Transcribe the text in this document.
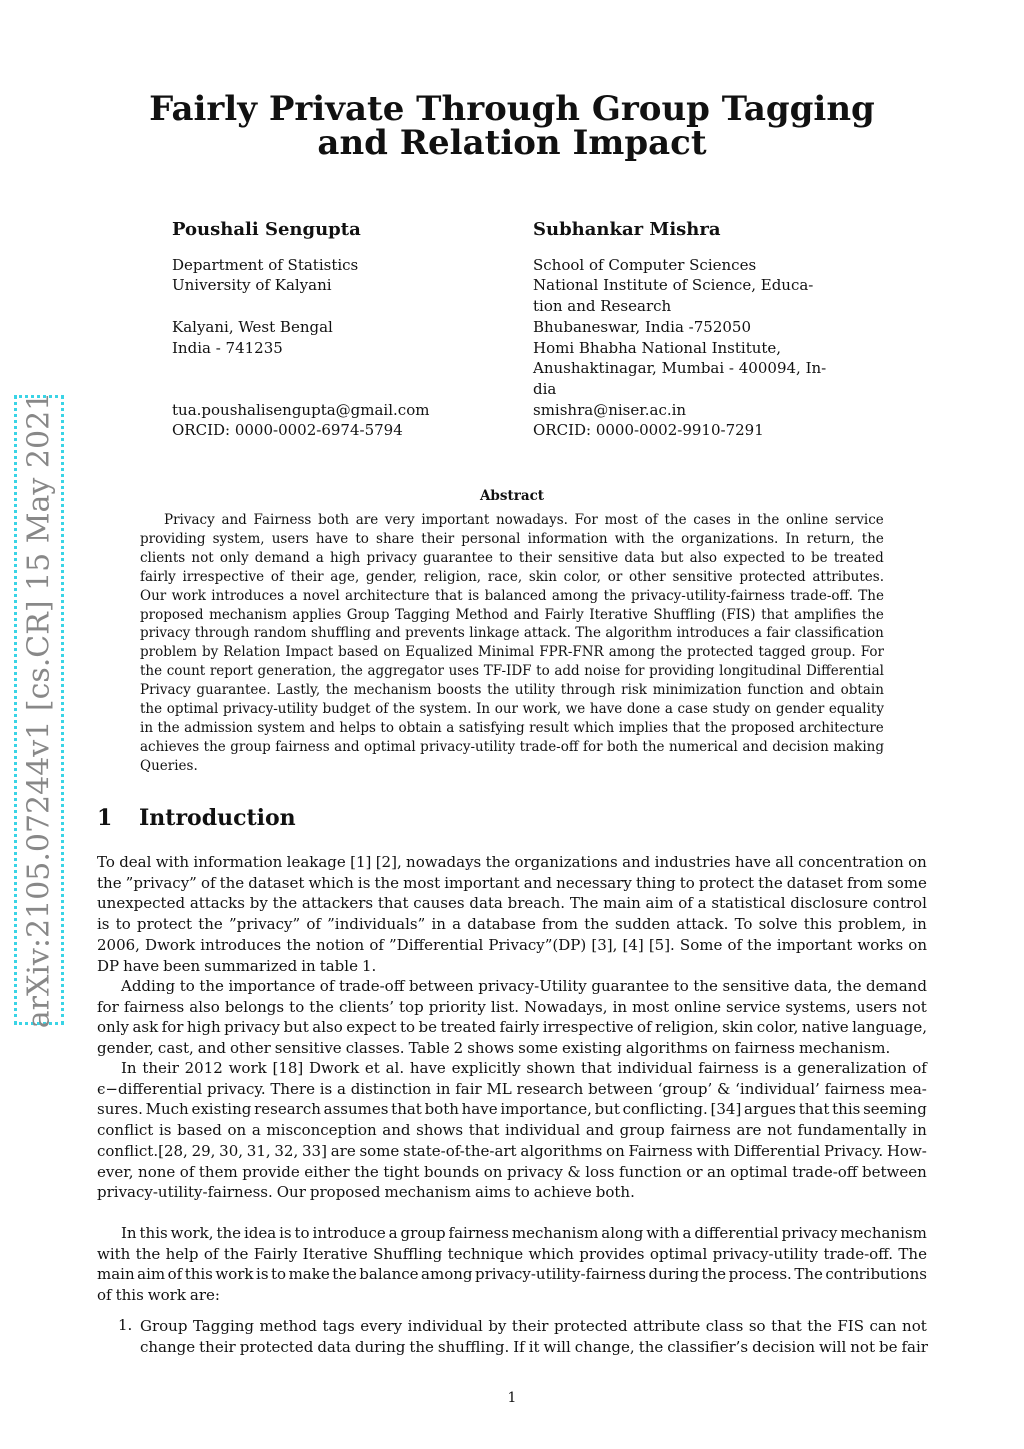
Fairly Private Through Group Tagging
and Relation Impact
Poushali Sengupta
Department of Statistics
University of Kalyani
Kalyani, West Bengal
India - 741235
tua.poushalisengupta@gmail.com
ORCID: 0000-0002-6974-5794
Subhankar Mishra
School of Computer Sciences
National Institute of Science, Educa-
tion and Research
Bhubaneswar, India -752050
Homi Bhabha National Institute,
Anushaktinagar, Mumbai - 400094, In-
dia
smishra@niser.ac.in
ORCID: 0000-0002-9910-7291
arXiv:2105.07244v1 [cs.CR] 15 May 2021	Abstract
Privacy and Fairness both are very important nowadays. For most of the cases in the online service
providing system, users have to share their personal information with the organizations. In return, the
clients not only demand a high privacy guarantee to their sensitive data but also expected to be treated
fairly irrespective of their age, gender, religion, race, skin color, or other sensitive protected attributes.
Our work introduces a novel architecture that is balanced among the privacy-utility-fairness trade-off. The
proposed mechanism applies Group Tagging Method and Fairly Iterative Shuffling (FIS) that amplifies the
privacy through random shuffling and prevents linkage attack. The algorithm introduces a fair classification
problem by Relation Impact based on Equalized Minimal FPR-FNR among the protected tagged group. For
the count report generation, the aggregator uses TF-IDF to add noise for providing longitudinal Differential
Privacy guarantee. Lastly, the mechanism boosts the utility through risk minimization function and obtain
the optimal privacy-utility budget of the system. In our work, we have done a case study on gender equality
in the admission system and helps to obtain a satisfying result which implies that the proposed architecture
achieves the group fairness and optimal privacy-utility trade-off for both the numerical and decision making
Queries.
1 Introduction
To deal with information leakage [1] [2], nowadays the organizations and industries have all concentration on
the ”privacy” of the dataset which is the most important and necessary thing to protect the dataset from some
unexpected attacks by the attackers that causes data breach. The main aim of a statistical disclosure control
is to protect the ”privacy” of ”individuals” in a database from the sudden attack. To solve this problem, in
2006, Dwork introduces the notion of ”Differential Privacy”(DP) [3], [4] [5]. Some of the important works on
DP have been summarized in table 1.
Adding to the importance of trade-off between privacy-Utility guarantee to the sensitive data, the demand
for fairness also belongs to the clients’ top priority list. Nowadays, in most online service systems, users not
only ask for high privacy but also expect to be treated fairly irrespective of religion, skin color, native language,
gender, cast, and other sensitive classes. Table 2 shows some existing algorithms on fairness mechanism.
In their 2012 work [18] Dwork et al. have explicitly shown that individual fairness is a generalization of
ϵ−differential privacy. There is a distinction in fair ML research between ‘group’ & ‘individual’ fairness mea-
sures. Much existing research assumes that both have importance, but conflicting. [34] argues that this seeming
conflict is based on a misconception and shows that individual and group fairness are not fundamentally in
conflict.[28, 29, 30, 31, 32, 33] are some state-of-the-art algorithms on Fairness with Differential Privacy. How-
ever, none of them provide either the tight bounds on privacy & loss function or an optimal trade-off between
privacy-utility-fairness. Our proposed mechanism aims to achieve both.
In this work, the idea is to introduce a group fairness mechanism along with a differential privacy mechanism
with the help of the Fairly Iterative Shuffling technique which provides optimal privacy-utility trade-off. The
main aim of this work is to make the balance among privacy-utility-fairness during the process. The contributions
of this work are:
1. Group Tagging method tags every individual by their protected attribute class so that the FIS can not
change their protected data during the shuffling. If it will change, the classifier’s decision will not be fair
1
